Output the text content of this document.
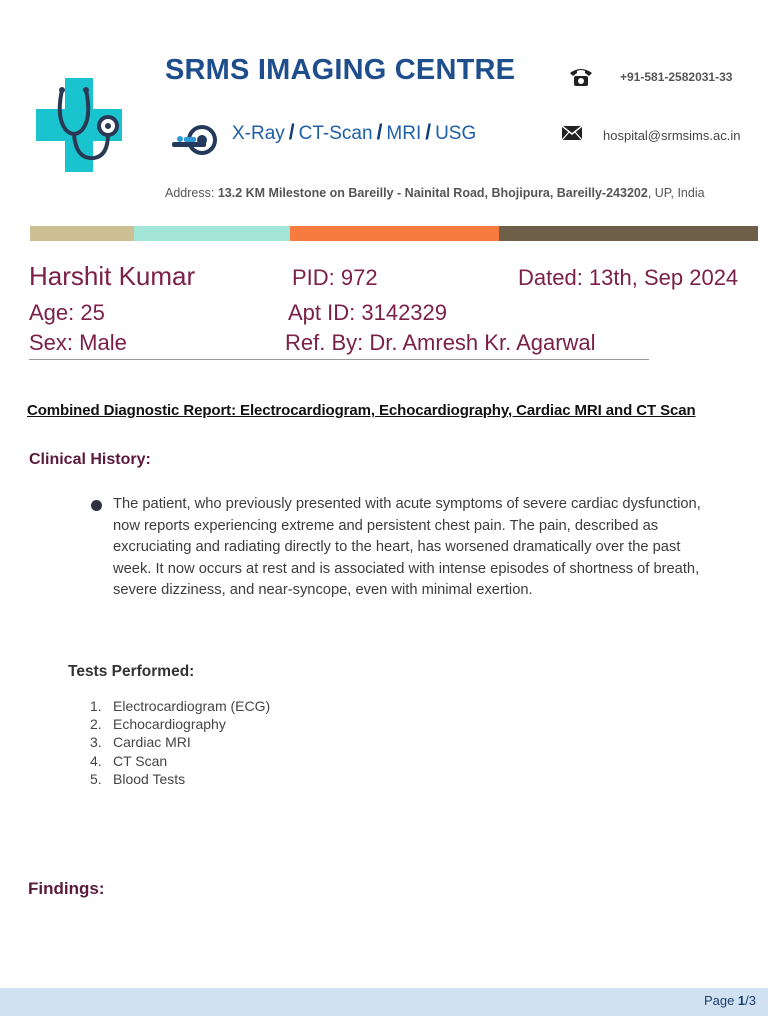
SRMS IMAGING CENTRE	+91-581-2582031-33
X-Ray / CT-Scan / MRI / USG	hospital@srmsims.ac.in
Address: 13.2 KM Milestone on Bareilly - Nainital Road, Bhojipura, Bareilly-243202, UP, India
Harshit Kumar	PID: 972	Dated: 13th, Sep 2024
Age: 25	Apt ID: 3142329
Sex: Male	Ref. By: Dr. Amresh Kr. Agarwal
Combined Diagnostic Report: Electrocardiogram, Echocardiography, Cardiac MRI and CT Scan
Clinical History:
The patient, who previously presented with acute symptoms of severe cardiac dysfunction, now reports experiencing extreme and persistent chest pain. The pain, described as excruciating and radiating directly to the heart, has worsened dramatically over the past week. It now occurs at rest and is associated with intense episodes of shortness of breath, severe dizziness, and near-syncope, even with minimal exertion.
Tests Performed:
1. Electrocardiogram (ECG)
2. Echocardiography
3. Cardiac MRI
4. CT Scan
5. Blood Tests
Findings:
Page 1/3
